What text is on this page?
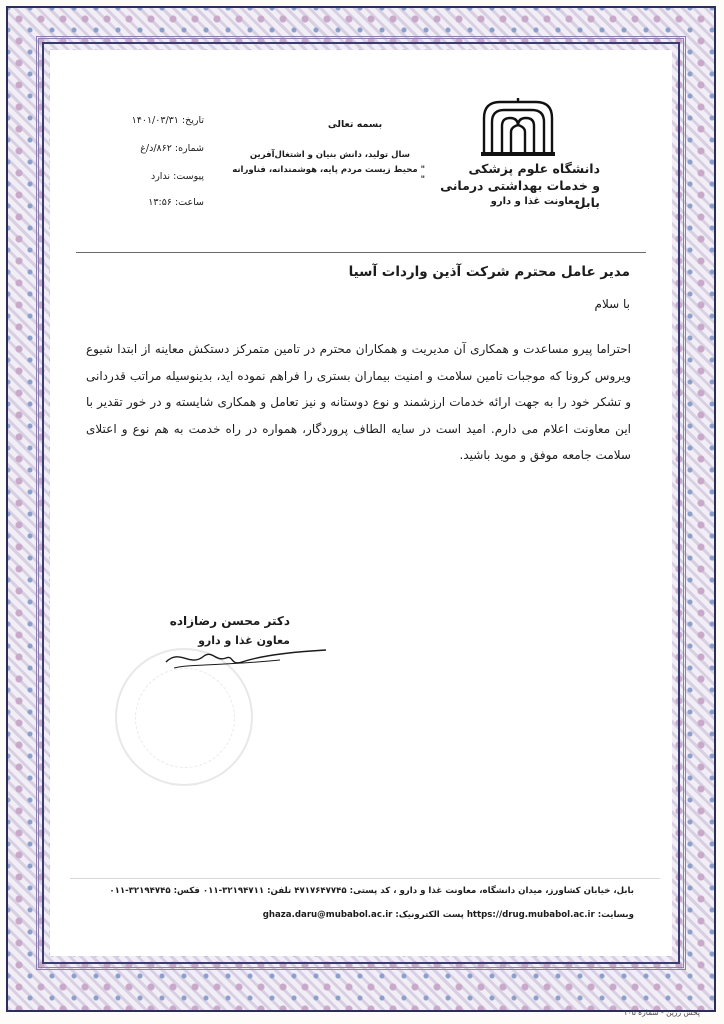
دانشگاه علوم پزشکی
و خدمات بهداشتی درمانی بابل
معاونت غذا و دارو
بسمه تعالی
سال تولید، دانش بنیان و اشتغال‌آفرین
" محیط زیست مردم پایه، هوشمندانه، فناورانه "
تاریخ: ۱۴۰۱/۰۳/۳۱
شماره: ۸۶۲/د/غ
پیوست: ندارد
ساعت: ۱۳:۵۶
مدیر عامل محترم شرکت آذین واردات آسیا
با سلام
احتراما پیرو مساعدت و همکاری آن مدیریت و همکاران محترم در تامین متمرکز دستکش معاینه از ابتدا شیوع ویروس کرونا که موجبات تامین سلامت و امنیت بیماران بستری را فراهم نموده اید، بدینوسیله مراتب قدردانی و تشکر خود را به جهت ارائه خدمات ارزشمند و نوع دوستانه و نیز تعامل و همکاری شایسته و در خور تقدیر با این معاونت اعلام می دارم. امید است در سایه الطاف پروردگار، همواره در راه خدمت به هم نوع و اعتلای سلامت جامعه موفق و موید باشید.
دکتر محسن رضازاده
معاون غذا و دارو
بابل، خیابان کشاورز، میدان دانشگاه، معاونت غذا و دارو ، کد پستی: ۴۷۱۷۶۴۷۷۴۵ تلفن: ۳۲۱۹۴۷۱۱-۰۱۱ فکس: ۳۲۱۹۴۷۴۵-۰۱۱
وبسایت: https://drug.mubabol.ac.ir پست الکترونیک: ghaza.daru@mubabol.ac.ir
پخش زرین - شماره ۱۰۵
